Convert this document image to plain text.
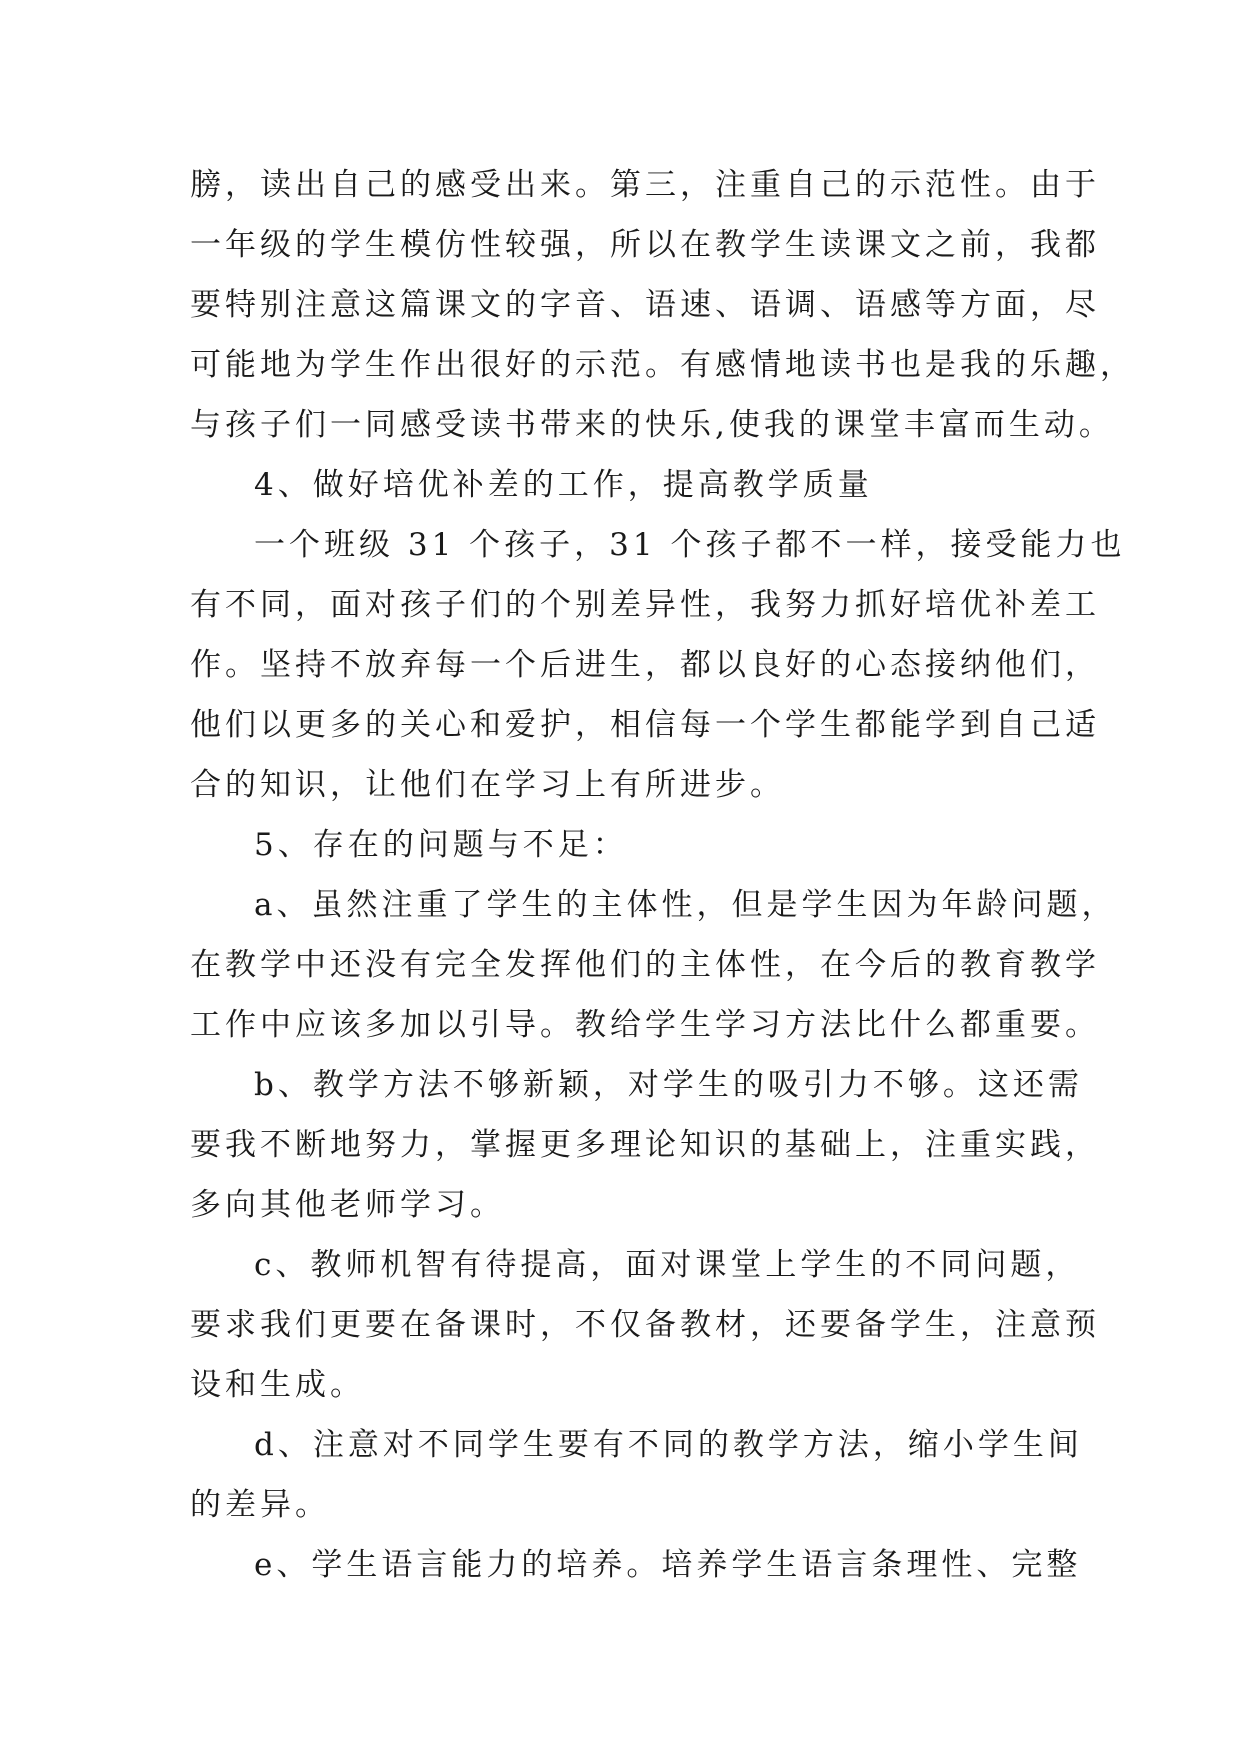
膀，读出自己的感受出来。第三，注重自己的示范性。由于
一年级的学生模仿性较强，所以在教学生读课文之前，我都
要特别注意这篇课文的字音、语速、语调、语感等方面，尽
可能地为学生作出很好的示范。有感情地读书也是我的乐趣，
与孩子们一同感受读书带来的快乐,使我的课堂丰富而生动。
4、做好培优补差的工作，提高教学质量
一个班级 31 个孩子，31 个孩子都不一样，接受能力也
有不同，面对孩子们的个别差异性，我努力抓好培优补差工
作。坚持不放弃每一个后进生，都以良好的心态接纳他们，
他们以更多的关心和爱护，相信每一个学生都能学到自己适
合的知识，让他们在学习上有所进步。
5、存在的问题与不足：
a、虽然注重了学生的主体性，但是学生因为年龄问题，
在教学中还没有完全发挥他们的主体性，在今后的教育教学
工作中应该多加以引导。教给学生学习方法比什么都重要。
b、教学方法不够新颖，对学生的吸引力不够。这还需
要我不断地努力，掌握更多理论知识的基础上，注重实践，
多向其他老师学习。
c、教师机智有待提高，面对课堂上学生的不同问题，
要求我们更要在备课时，不仅备教材，还要备学生，注意预
设和生成。
d、注意对不同学生要有不同的教学方法，缩小学生间
的差异。
e、学生语言能力的培养。培养学生语言条理性、完整
